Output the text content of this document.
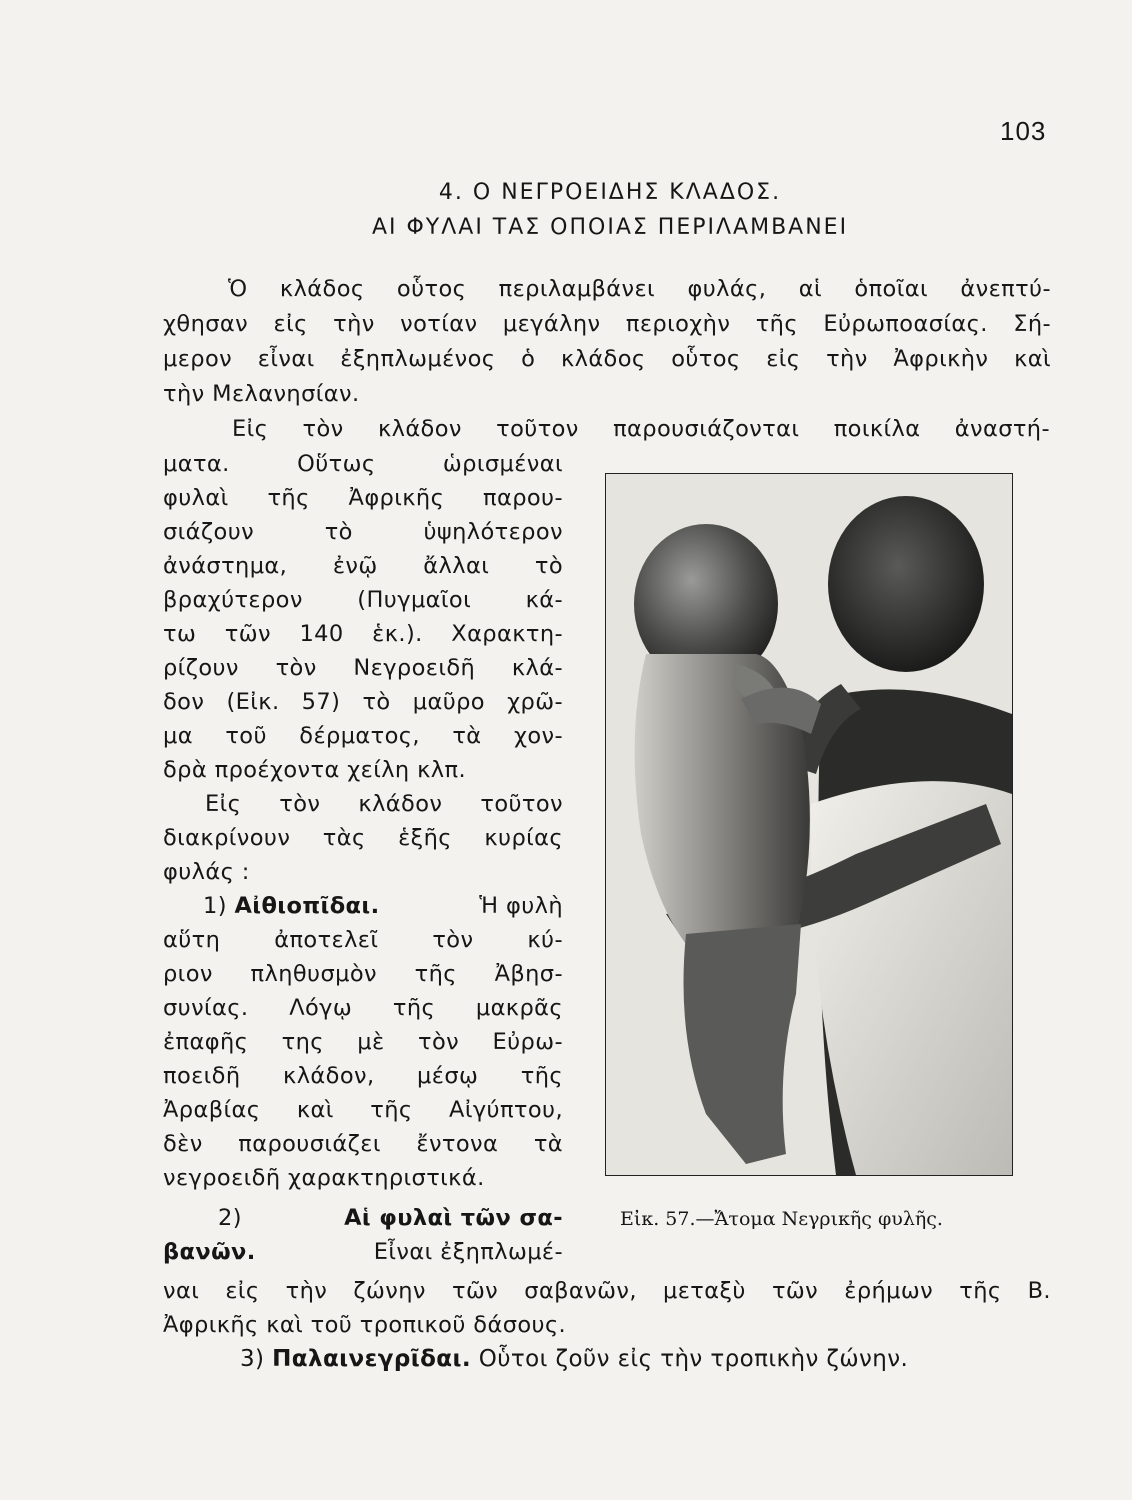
103
4. Ο ΝΕΓΡΟΕΙΔΗΣ ΚΛΑΔΟΣ.
ΑΙ ΦΥΛΑΙ ΤΑΣ ΟΠΟΙΑΣ ΠΕΡΙΛΑΜΒΑΝΕΙ
Ὁ κλάδος οὗτος περιλαμβάνει φυλάς, αἱ ὁποῖαι ἀνεπτύ-
χθησαν εἰς τὴν νοτίαν μεγάλην περιοχὴν τῆς Εὐρωποασίας. Σή-
μερον εἶναι ἐξηπλωμένος ὁ κλάδος οὗτος εἰς τὴν Ἀφρικὴν καὶ
τὴν Μελανησίαν.
Εἰς τὸν κλάδον τοῦτον παρουσιάζονται ποικίλα ἀναστή-
ματα. Οὕτως ὡρισμέναι
φυλαὶ τῆς Ἀφρικῆς παρου-
σιάζουν τὸ ὑψηλότερον
ἀνάστημα, ἐνῷ ἄλλαι τὸ
βραχύτερον (Πυγμαῖοι κά-
τω τῶν 140 ἑκ.). Χαρακτη-
ρίζουν τὸν Νεγροειδῆ κλά-
δον (Εἰκ. 57) τὸ μαῦρο χρῶ-
μα τοῦ δέρματος, τὰ χον-
δρὰ προέχοντα χείλη κλπ.
Εἰς τὸν κλάδον τοῦτον
διακρίνουν τὰς ἑξῆς κυρίας
φυλάς :
1) Αἰθιοπῖδαι.	Ἡ φυλὴ
αὕτη ἀποτελεῖ τὸν κύ-
ριον πληθυσμὸν τῆς Ἀβησ-
συνίας. Λόγῳ τῆς μακρᾶς
ἐπαφῆς της μὲ τὸν Εὐρω-
ποειδῆ κλάδον, μέσῳ τῆς
Ἀραβίας καὶ τῆς Αἰγύπτου,
δὲν παρουσιάζει ἔντονα τὰ
νεγροειδῆ χαρακτηριστικά.
2)	Αἱ φυλαὶ τῶν σα-
βανῶν.	Εἶναι ἐξηπλωμέ-
ναι εἰς τὴν ζώνην τῶν σαβανῶν, μεταξὺ τῶν ἐρήμων τῆς Β.
Ἀφρικῆς καὶ τοῦ τροπικοῦ δάσους.
3) Παλαινεγρῖδαι. Οὗτοι ζοῦν εἰς τὴν τροπικὴν ζώνην.
Εἰκ. 57.—Ἄτομα Νεγρικῆς φυλῆς.
